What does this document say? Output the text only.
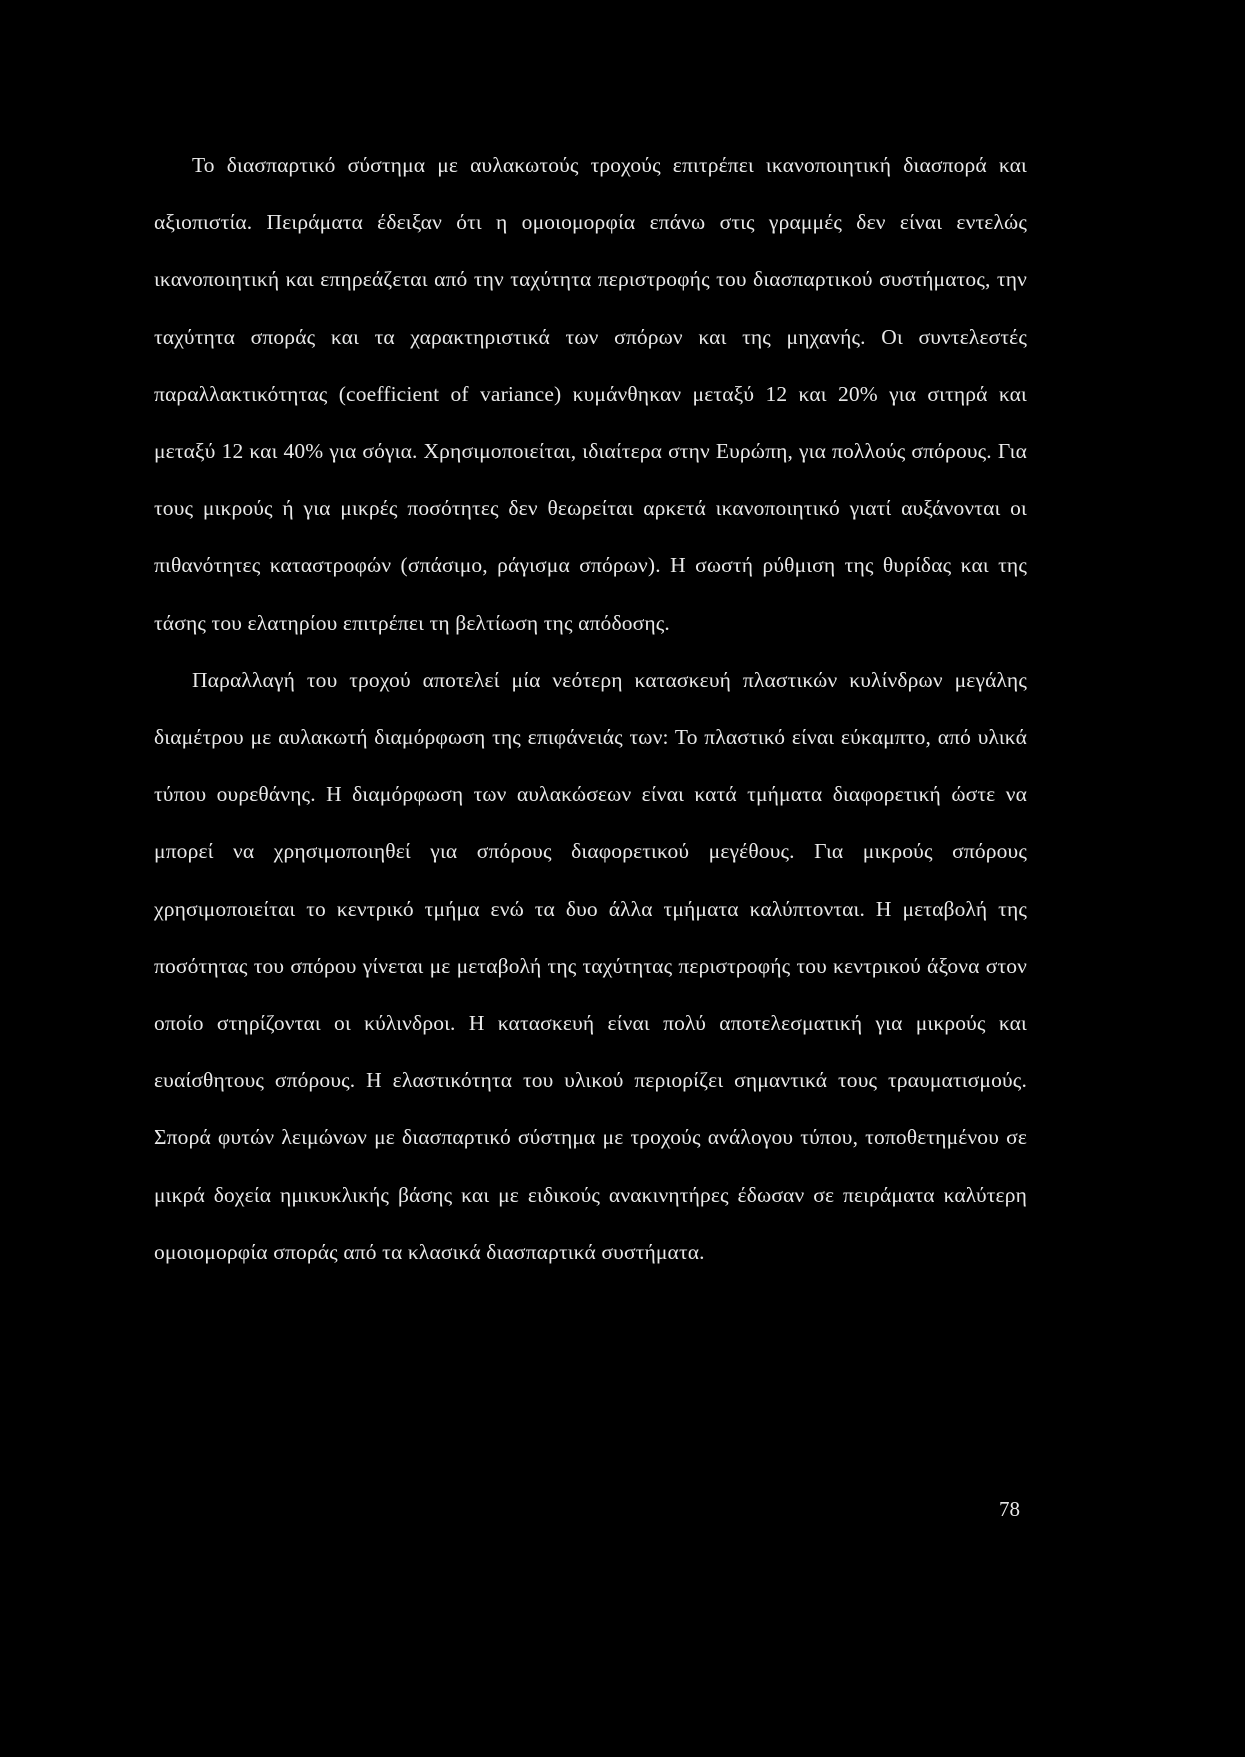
Το διασπαρτικό σύστημα με αυλακωτούς τροχούς επιτρέπει ικανοποιητική διασπορά και αξιοπιστία. Πειράματα έδειξαν ότι η ομοιομορφία επάνω στις γραμμές δεν είναι εντελώς ικανοποιητική και επηρεάζεται από την ταχύτητα περιστροφής του διασπαρτικού συστήματος, την ταχύτητα σποράς και τα χαρακτηριστικά των σπόρων και της μηχανής. Οι συντελεστές παραλλακτικότητας (coefficient of variance) κυμάνθηκαν μεταξύ 12 και 20% για σιτηρά και μεταξύ 12 και 40% για σόγια. Χρησιμοποιείται, ιδιαίτερα στην Ευρώπη, για πολλούς σπόρους. Για τους μικρούς ή για μικρές ποσότητες δεν θεωρείται αρκετά ικανοποιητικό γιατί αυξάνονται οι πιθανότητες καταστροφών (σπάσιμο, ράγισμα σπόρων). Η σωστή ρύθμιση της θυρίδας και της τάσης του ελατηρίου επιτρέπει τη βελτίωση της απόδοσης.

Παραλλαγή του τροχού αποτελεί μία νεότερη κατασκευή πλαστικών κυλίνδρων μεγάλης διαμέτρου με αυλακωτή διαμόρφωση της επιφάνειάς των: Το πλαστικό είναι εύκαμπτο, από υλικά τύπου ουρεθάνης. Η διαμόρφωση των αυλακώσεων είναι κατά τμήματα διαφορετική ώστε να μπορεί να χρησιμοποιηθεί για σπόρους διαφορετικού μεγέθους. Για μικρούς σπόρους χρησιμοποιείται το κεντρικό τμήμα ενώ τα δυο άλλα τμήματα καλύπτονται. Η μεταβολή της ποσότητας του σπόρου γίνεται με μεταβολή της ταχύτητας περιστροφής του κεντρικού άξονα στον οποίο στηρίζονται οι κύλινδροι. Η κατασκευή είναι πολύ αποτελεσματική για μικρούς και ευαίσθητους σπόρους. Η ελαστικότητα του υλικού περιορίζει σημαντικά τους τραυματισμούς. Σπορά φυτών λειμώνων με διασπαρτικό σύστημα με τροχούς ανάλογου τύπου, τοποθετημένου σε μικρά δοχεία ημικυκλικής βάσης και με ειδικούς ανακινητήρες έδωσαν σε πειράματα καλύτερη ομοιομορφία σποράς από τα κλασικά διασπαρτικά συστήματα.

78
